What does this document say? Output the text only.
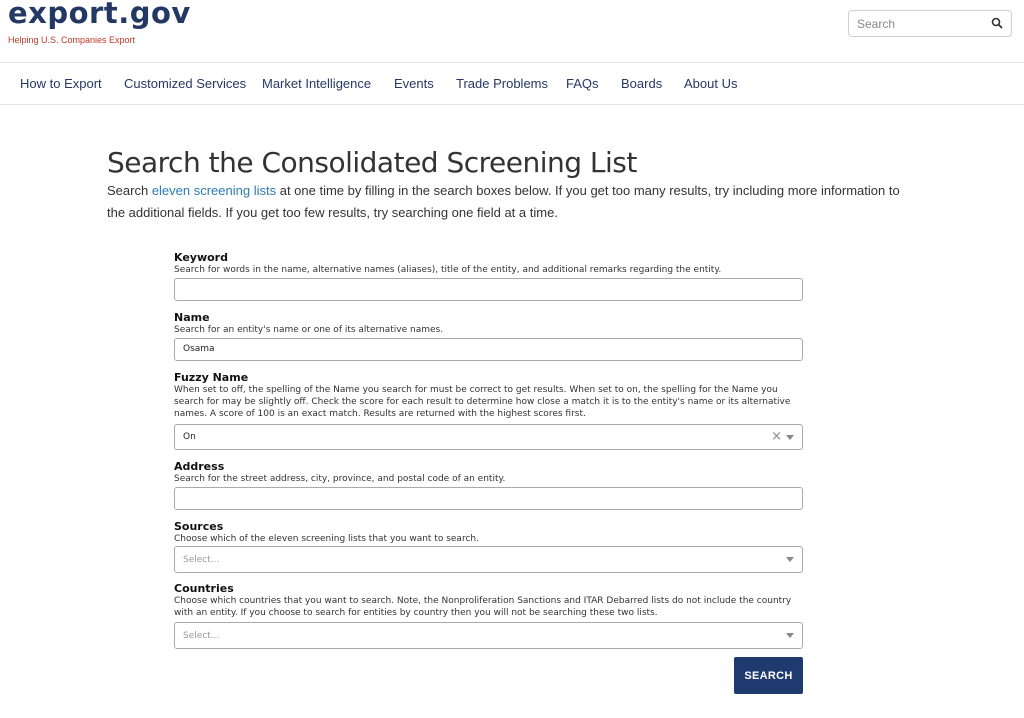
export.gov
Helping U.S. Companies Export
Search
How to Export Customized Services Market Intelligence Events Trade Problems FAQs Boards About Us
Search the Consolidated Screening List
Search eleven screening lists at one time by filling in the search boxes below. If you get too many results, try including more information to the additional fields. If you get too few results, try searching one field at a time.
Keyword
Search for words in the name, alternative names (aliases), title of the entity, and additional remarks regarding the entity.
Name
Search for an entity's name or one of its alternative names.
Osama
Fuzzy Name
When set to off, the spelling of the Name you search for must be correct to get results. When set to on, the spelling for the Name you search for may be slightly off. Check the score for each result to determine how close a match it is to the entity's name or its alternative names. A score of 100 is an exact match. Results are returned with the highest scores first.
On	×
Address
Search for the street address, city, province, and postal code of an entity.
Sources
Choose which of the eleven screening lists that you want to search.
Select...
Countries
Choose which countries that you want to search. Note, the Nonproliferation Sanctions and ITAR Debarred lists do not include the country with an entity. If you choose to search for entities by country then you will not be searching these two lists.
Select...
SEARCH
